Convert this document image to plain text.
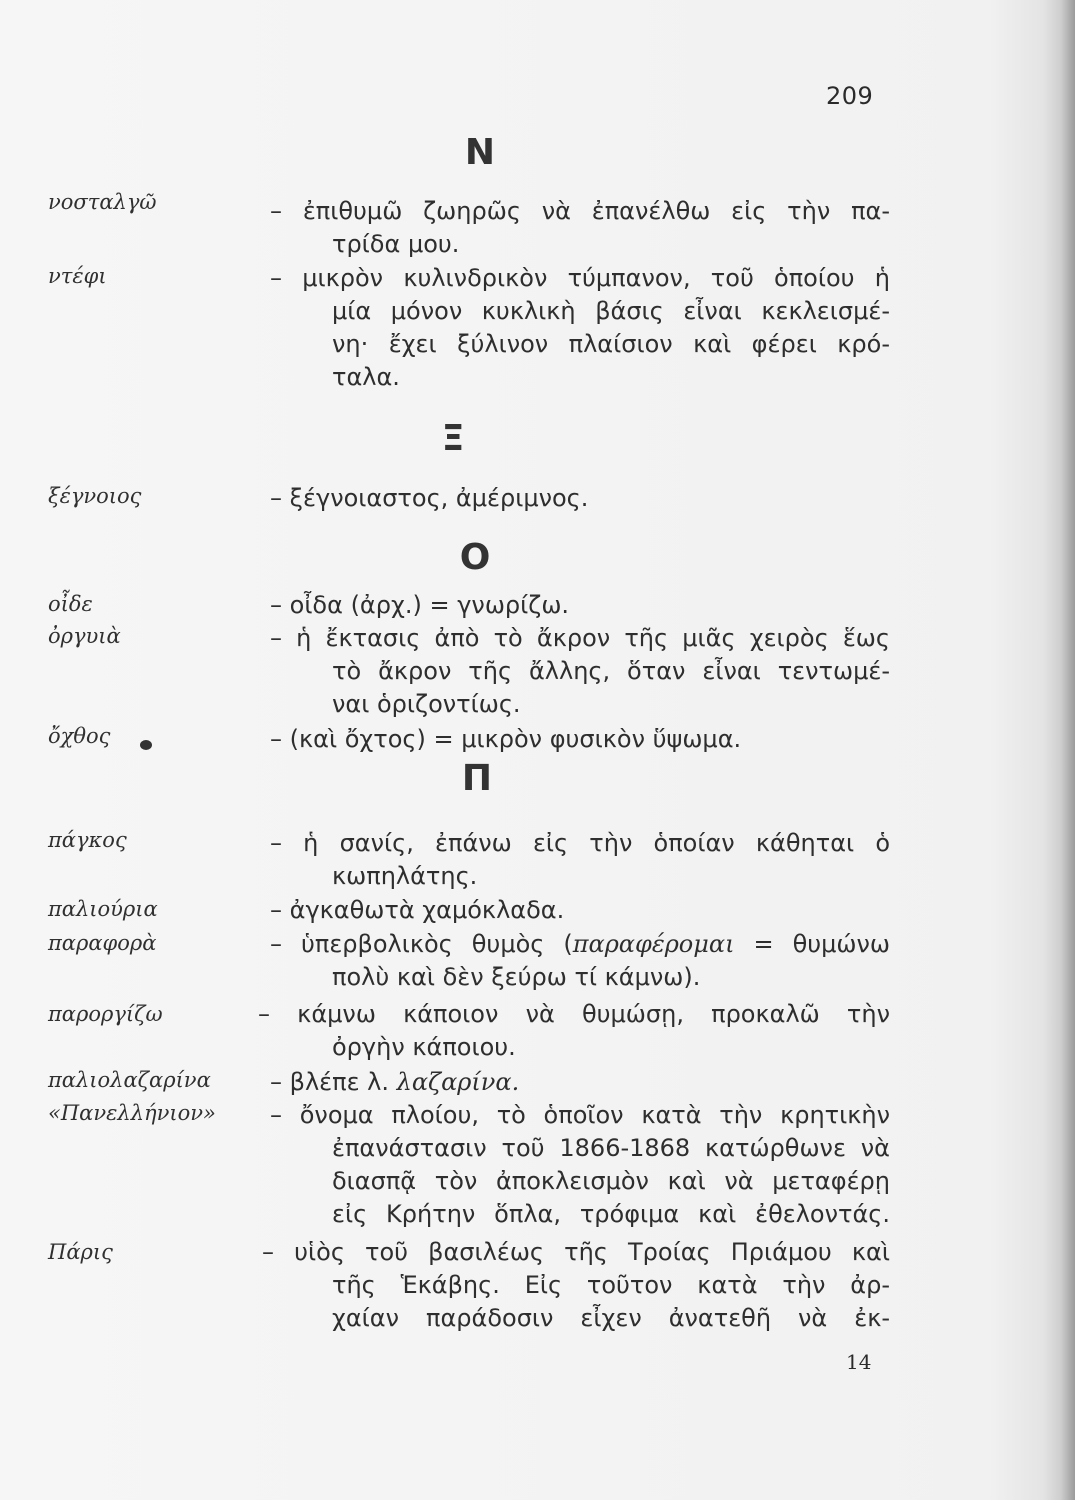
209
Ν
νοσταλγῶ	– ἐπιθυμῶ ζωηρῶς νὰ ἐπανέλθω εἰς τὴν πα-
τρίδα μου.
ντέφι	– μικρὸν κυλινδρικὸν τύμπανον, τοῦ ὁποίου ἡ
μία μόνον κυκλικὴ βάσις εἶναι κεκλεισμέ-
νη· ἔχει ξύλινον πλαίσιον καὶ φέρει κρό-
ταλα.
Ξ
ξέγνοιος	– ξέγνοιαστος, ἀμέριμνος.
Ο
οἶδε	– οἶδα (ἀρχ.) = γνωρίζω.
ὀργυιὰ	– ἡ ἔκτασις ἀπὸ τὸ ἄκρον τῆς μιᾶς χειρὸς ἕως
τὸ ἄκρον τῆς ἄλλης, ὅταν εἶναι τεντωμέ-
ναι ὁριζοντίως.
ὄχθος	– (καὶ ὄχτος) = μικρὸν φυσικὸν ὕψωμα.
Π
πάγκος	– ἡ σανίς, ἐπάνω εἰς τὴν ὁποίαν κάθηται ὁ
κωπηλάτης.
παλιούρια	– ἀγκαθωτὰ χαμόκλαδα.
παραφορὰ	– ὑπερβολικὸς θυμὸς (παραφέρομαι = θυμώνω
πολὺ καὶ δὲν ξεύρω τί κάμνω).
παροργίζω	– κάμνω κάποιον νὰ θυμώσῃ, προκαλῶ τὴν
ὀργὴν κάποιου.
παλιολαζαρίνα – βλέπε λ. λαζαρίνα.
«Πανελλήνιον» – ὄνομα πλοίου, τὸ ὁποῖον κατὰ τὴν κρητικὴν
ἐπανάστασιν τοῦ 1866-1868 κατώρθωνε νὰ
διασπᾷ τὸν ἀποκλεισμὸν καὶ νὰ μεταφέρῃ
εἰς Κρήτην ὅπλα, τρόφιμα καὶ ἐθελοντάς.
Πάρις	– υἱὸς τοῦ βασιλέως τῆς Τροίας Πριάμου καὶ
τῆς Ἑκάβης. Εἰς τοῦτον κατὰ τὴν ἀρ-
χαίαν παράδοσιν εἶχεν ἀνατεθῆ νὰ ἐκ-
14
